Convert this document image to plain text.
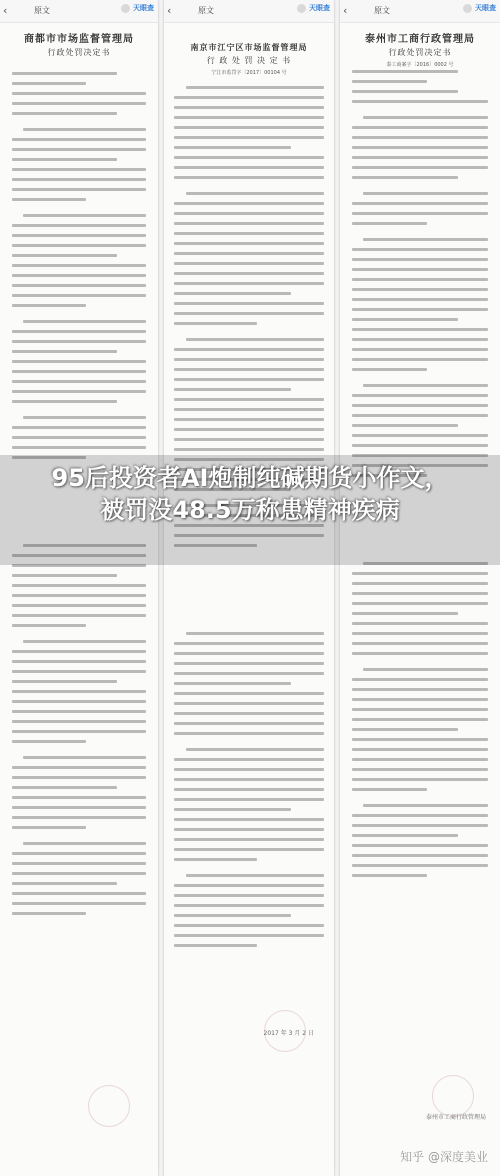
‹	原文	天眼查
商都市市场监督管理局
行政处罚决定书
‹	原文	天眼查
南京市江宁区市场监督管理局
行 政 处 罚 决 定 书
宁江市监罚字〔2017〕00104 号
2017 年 3 月 2 日
‹	原文	天眼查
泰州市工商行政管理局
行政处罚决定书
泰工商案字〔2016〕0002 号
泰州市工商行政管理局
95后投资者AI炮制纯碱期货小作文，
被罚没48.5万称患精神疾病
知乎 @深度美业
